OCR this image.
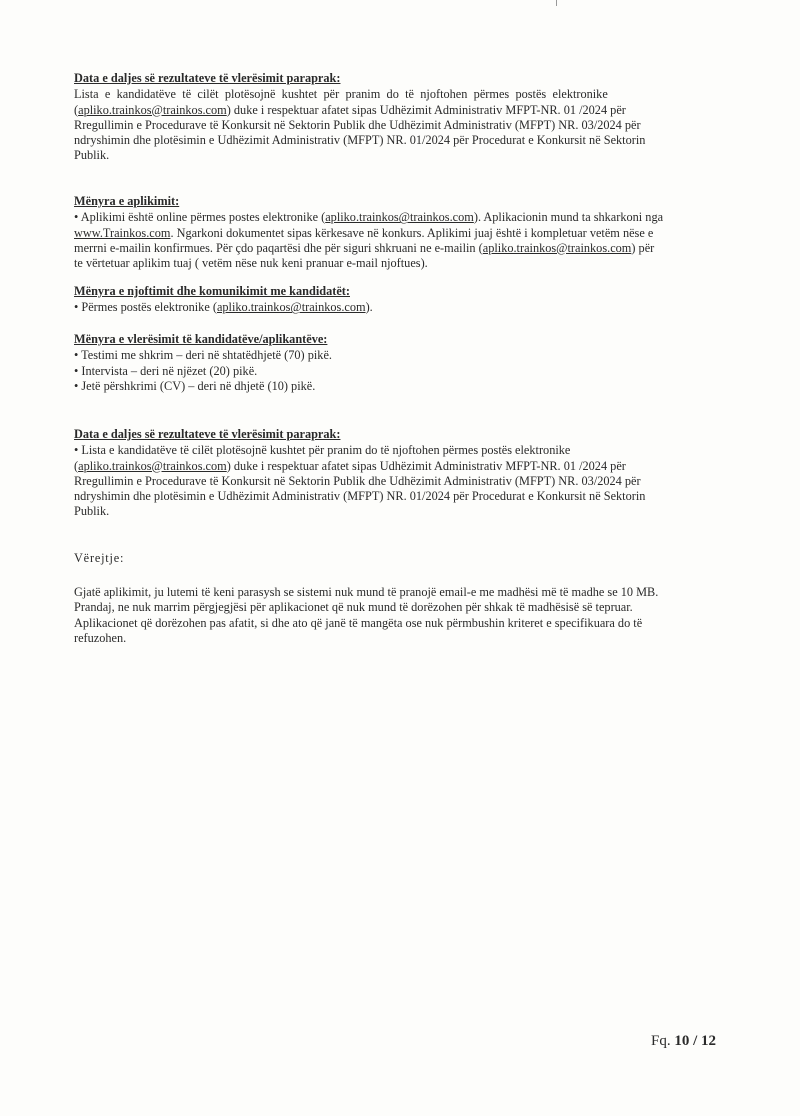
Data e daljes së rezultateve të vlerësimit paraprak:
Lista e kandidatëve të cilët plotësojnë kushtet për pranim do të njoftohen përmes postës elektronike
(apliko.trainkos@trainkos.com) duke i respektuar afatet sipas Udhëzimit Administrativ MFPT-NR. 01 /2024 për
Rregullimin e Procedurave të Konkursit në Sektorin Publik dhe Udhëzimit Administrativ (MFPT) NR. 03/2024 për
ndryshimin dhe plotësimin e Udhëzimit Administrativ (MFPT) NR. 01/2024 për Procedurat e Konkursit në Sektorin
Publik.
Mënyra e aplikimit:
• Aplikimi është online përmes postes elektronike (apliko.trainkos@trainkos.com). Aplikacionin mund ta shkarkoni nga
www.Trainkos.com. Ngarkoni dokumentet sipas kërkesave në konkurs. Aplikimi juaj është i kompletuar vetëm nëse e
merrni e-mailin konfirmues. Për çdo paqartësi dhe për siguri shkruani ne e-mailin (apliko.trainkos@trainkos.com) për
te vërtetuar aplikim tuaj ( vetëm nëse nuk keni pranuar e-mail njoftues).
Mënyra e njoftimit dhe komunikimit me kandidatët:
• Përmes postës elektronike (apliko.trainkos@trainkos.com).
Mënyra e vlerësimit të kandidatëve/aplikantëve:
• Testimi me shkrim – deri në shtatëdhjetë (70) pikë.
• Intervista – deri në njëzet (20) pikë.
• Jetë përshkrimi (CV) – deri në dhjetë (10) pikë.
Data e daljes së rezultateve të vlerësimit paraprak:
• Lista e kandidatëve të cilët plotësojnë kushtet për pranim do të njoftohen përmes postës elektronike
(apliko.trainkos@trainkos.com) duke i respektuar afatet sipas Udhëzimit Administrativ MFPT-NR. 01 /2024 për
Rregullimin e Procedurave të Konkursit në Sektorin Publik dhe Udhëzimit Administrativ (MFPT) NR. 03/2024 për
ndryshimin dhe plotësimin e Udhëzimit Administrativ (MFPT) NR. 01/2024 për Procedurat e Konkursit në Sektorin
Publik.
Vërejtje:
Gjatë aplikimit, ju lutemi të keni parasysh se sistemi nuk mund të pranojë email-e me madhësi më të madhe se 10 MB.
Prandaj, ne nuk marrim përgjegjësi për aplikacionet që nuk mund të dorëzohen për shkak të madhësisë së tepruar.
Aplikacionet që dorëzohen pas afatit, si dhe ato që janë të mangëta ose nuk përmbushin kriteret e specifikuara do të
refuzohen.
Fq. 10 / 12
